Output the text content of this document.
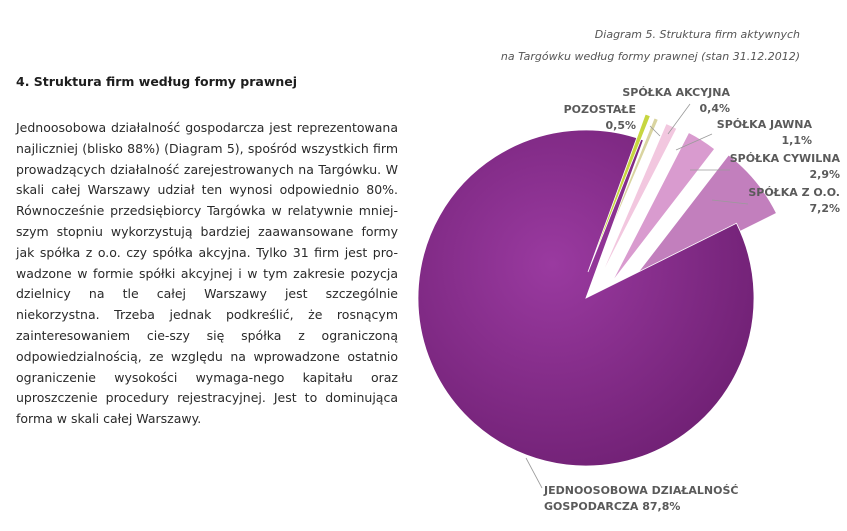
Diagram 5. Struktura firm aktywnych
na Targówku według formy prawnej (stan 31.12.2012)
4. Struktura firm według formy prawnej

Jednoosobowa działalność gospodarcza jest reprezentowana najliczniej (blisko 88%) (Diagram 5), spośród wszystkich firm prowadzących działalność zarejestrowanych na Targówku. W skali całej Warszawy udział ten wynosi odpowiednio 80%. Równocześnie przedsiębiorcy Targówka w relatywnie mniej-szym stopniu wykorzystują bardziej zaawansowane formy jak spółka z o.o. czy spółka akcyjna. Tylko 31 firm jest pro-wadzone w formie spółki akcyjnej i w tym zakresie pozycja dzielnicy na tle całej Warszawy jest szczególnie niekorzystna. Trzeba jednak podkreślić, że rosnącym zainteresowaniem cie-szy się spółka z ograniczoną odpowiedzialnością, ze względu na wprowadzone ostatnio ograniczenie wysokości wymaga-nego kapitału oraz uproszczenie procedury rejestracyjnej. Jest to dominująca forma w skali całej Warszawy.

SPÓŁKA AKCYJNA 0,4%
SPÓŁKA JAWNA 1,1%
SPÓŁKA CYWILNA 2,9%
SPÓŁKA Z O.O. 7,2%
JEDNOOSOBOWA DZIAŁALNOŚĆ GOSPODARCZA 87,8%
POZOSTAŁE 0,5%
